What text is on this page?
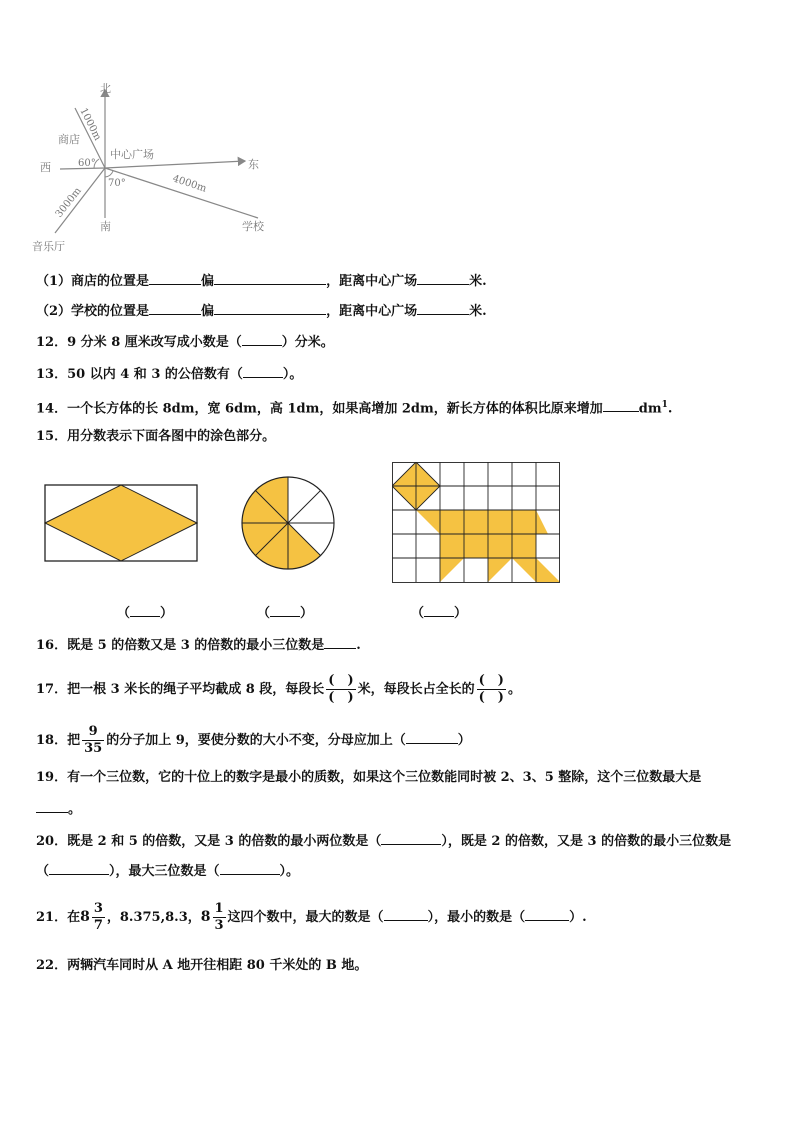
北
南
东
西
中心广场
商店
学校
音乐厅
60°
70°
1000m
4000m
3000m
（1）商店的位置是	偏	，距离中心广场	米.
（2）学校的位置是	偏	，距离中心广场	米.
12．9 分米 8 厘米改写成小数是（	）分米。
13．50 以内 4 和 3 的公倍数有（	）。
14．一个长方体的长 8dm，宽 6dm，高 1dm，如果高增加 2dm，新长方体的体积比原来增加	$dm^1$.
15．用分数表示下面各图中的涂色部分。
（ ）	（ ）	（ ）
16．既是 5 的倍数又是 3 的倍数的最小三位数是 .
17．把一根 3 米长的绳子平均截成 8 段，每段长 $\frac{( )}{( )}$ 米，每段长占全长的 $\frac{( )}{( )}$ 。
18．把 $\frac{9}{35}$ 的分子加上 9，要使分数的大小不变，分母应加上（	）
19．有一个三位数，它的十位上的数字是最小的质数，如果这个三位数能同时被 2、3、5 整除，这个三位数最大是
。
20．既是 2 和 5 的倍数，又是 3 的倍数的最小两位数是（	），既是 2 的倍数，又是 3 的倍数的最小三位数是
（	），最大三位数是（	）。
21．在$8 \frac{3}{7}$ ，8.375,8.3，$8 \frac{1}{3}$ 这四个数中，最大的数是（	），最小的数是（	）.
22．两辆汽车同时从 A 地开往相距 80 千米处的 B 地。
